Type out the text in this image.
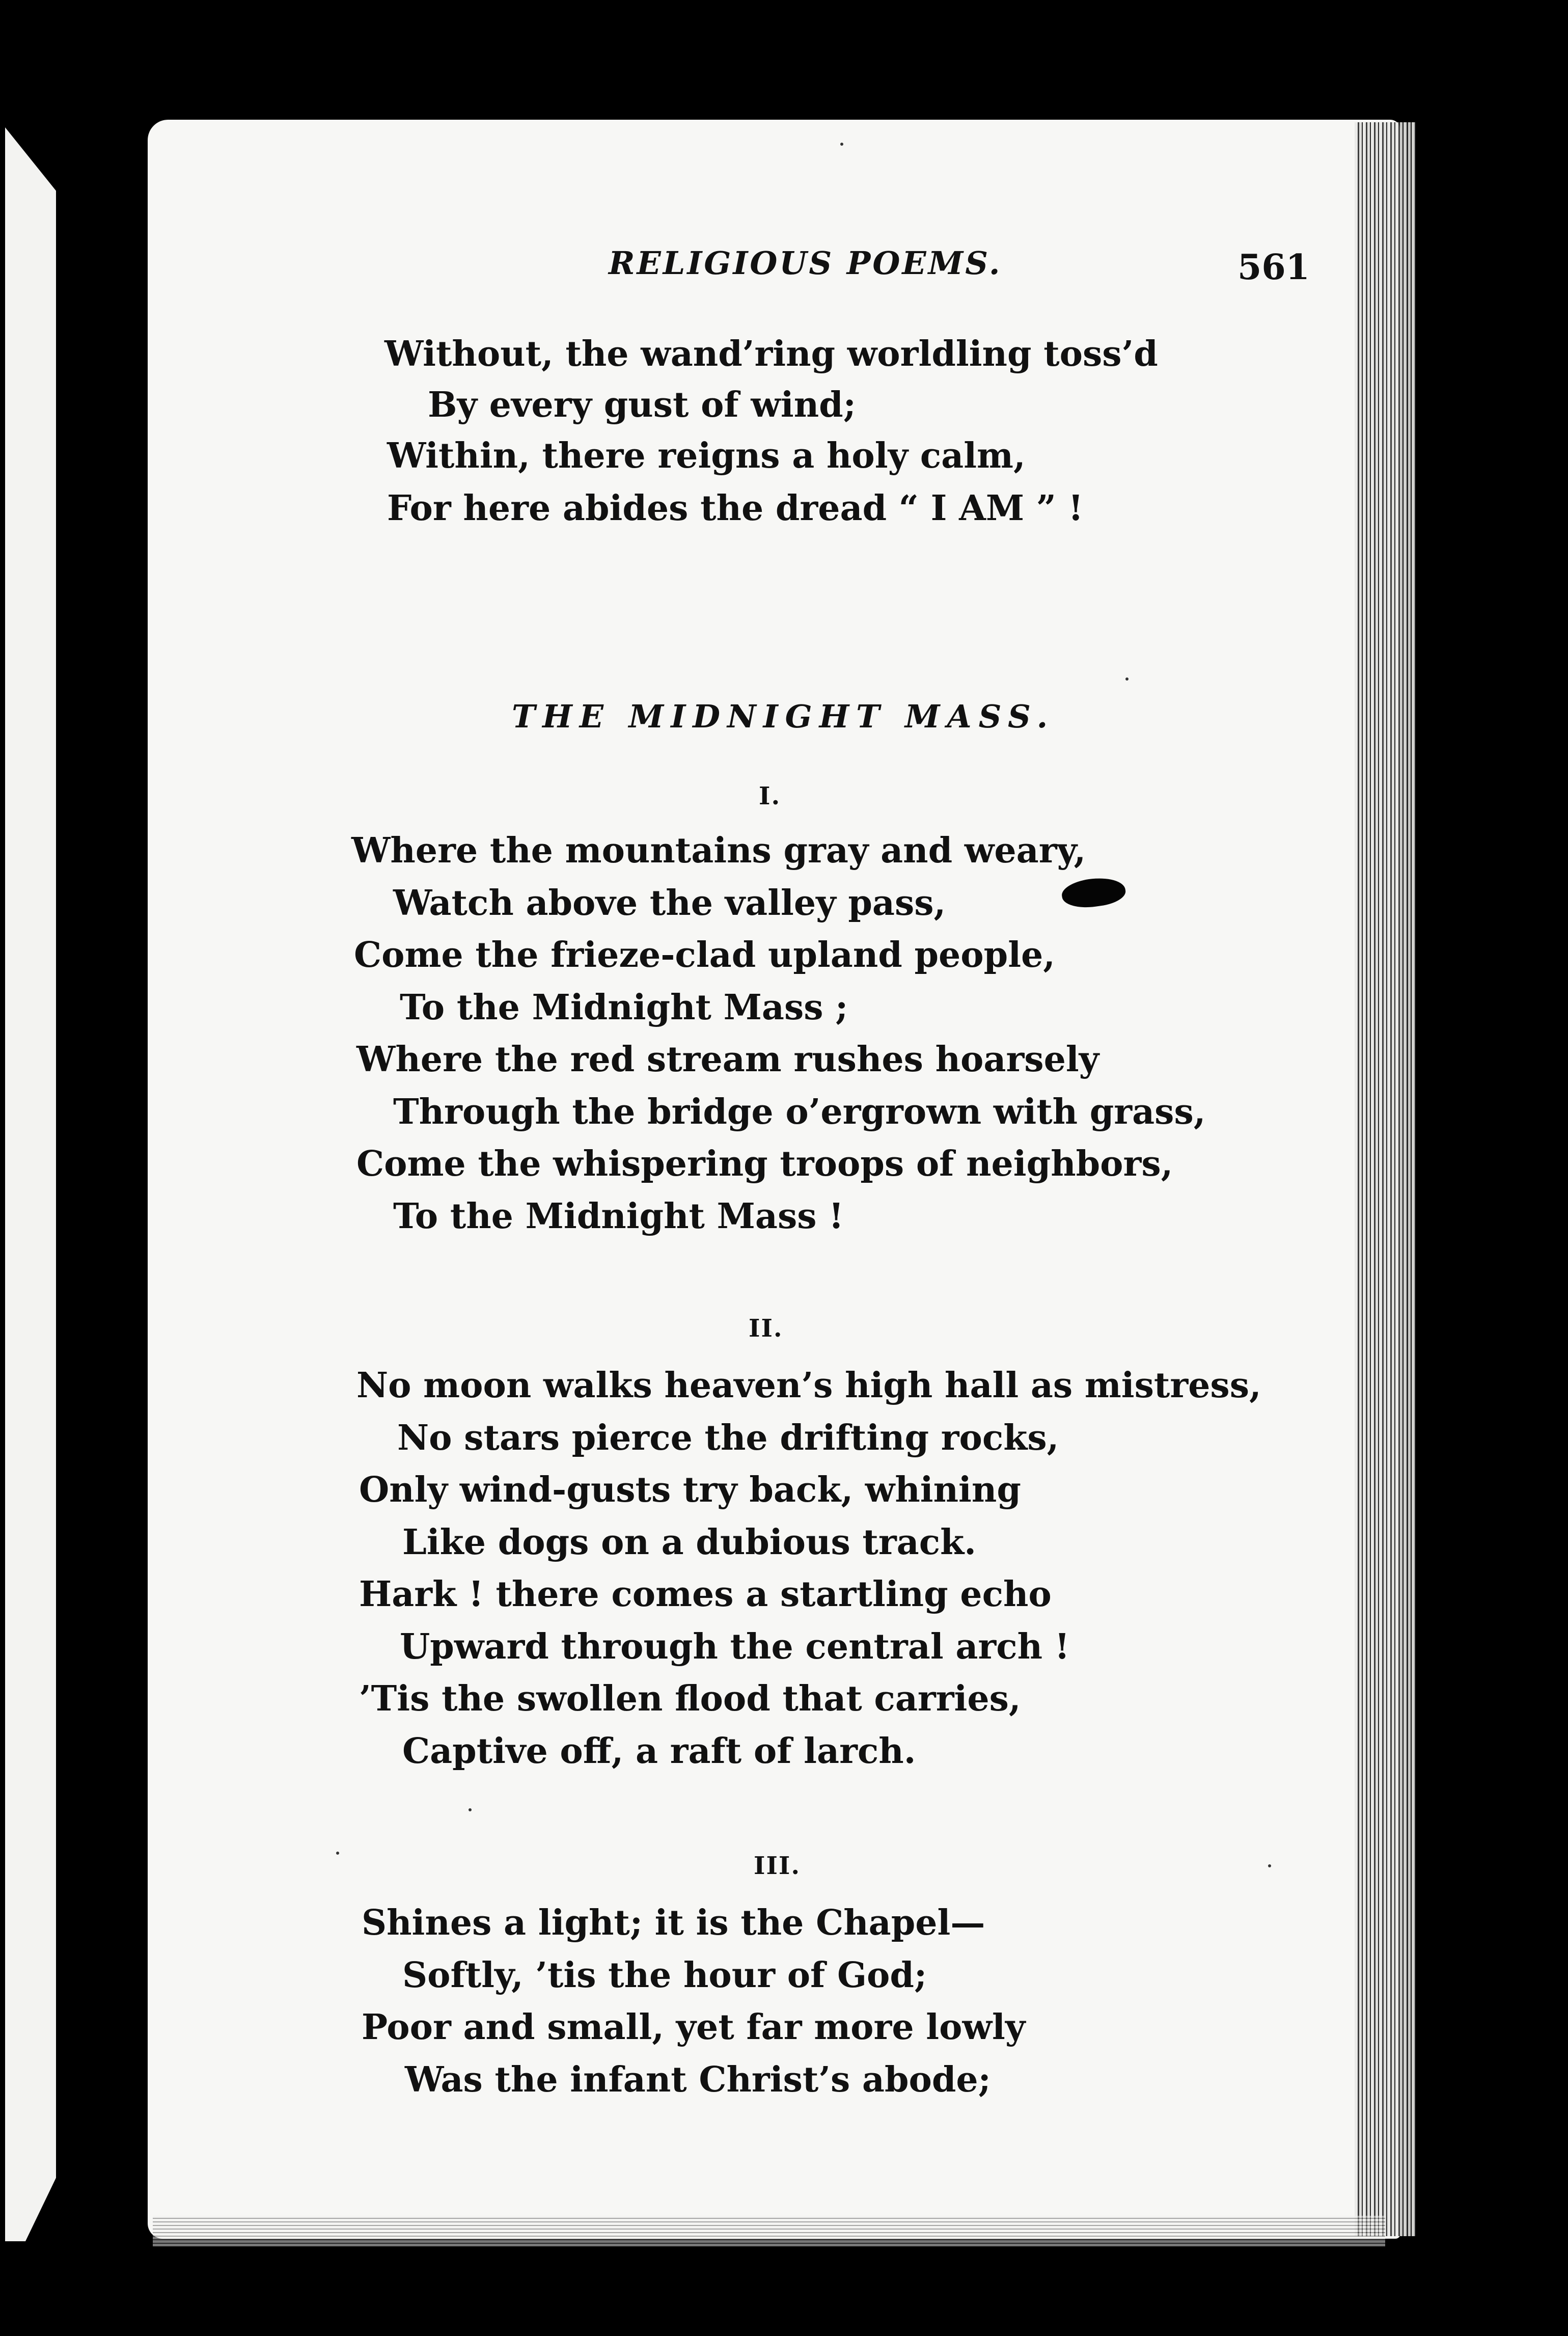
RELIGIOUS POEMS.	561
Without, the wand’ring worldling toss’d
By every gust of wind;
Within, there reigns a holy calm,
For here abides the dread “ I AM ” !
THE MIDNIGHT MASS.
I.
Where the mountains gray and weary,
Watch above the valley pass,
Come the frieze-clad upland people,
To the Midnight Mass ;
Where the red stream rushes hoarsely
Through the bridge o’ergrown with grass,
Come the whispering troops of neighbors,
To the Midnight Mass !
II.
No moon walks heaven’s high hall as mistress,
No stars pierce the drifting rocks,
Only wind-gusts try back, whining
Like dogs on a dubious track.
Hark ! there comes a startling echo
Upward through the central arch !
’Tis the swollen flood that carries,
Captive off, a raft of larch.
III.
Shines a light; it is the Chapel—
Softly, ’tis the hour of God;
Poor and small, yet far more lowly
Was the infant Christ’s abode;
